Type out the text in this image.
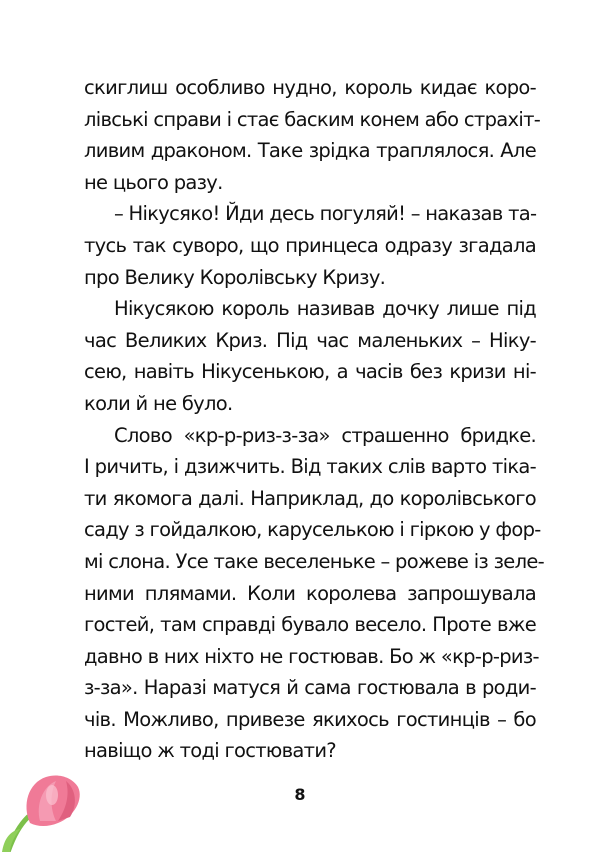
скиглиш особливо нудно, король кидає коро-
лівські справи і стає баским конем або страхіт-
ливим драконом. Таке зрідка траплялося. Але
не цього разу.
– Нікусяко! Йди десь погуляй! – наказав та-
тусь так суворо, що принцеса одразу згадала
про Велику Королівську Кризу.
Нікусякою король називав дочку лише під
час Великих Криз. Під час маленьких – Ніку-
сею, навіть Нікусенькою, а часів без кризи ні-
коли й не було.
Слово «кр-р-риз-з-за» страшенно бридке.
І ричить, і дзижчить. Від таких слів варто тіка-
ти якомога далі. Наприклад, до королівського
саду з гойдалкою, каруселькою і гіркою у фор-
мі слона. Усе таке веселеньке – рожеве із зеле-
ними плямами. Коли королева запрошувала
гостей, там справді бувало весело. Проте вже
давно в них ніхто не гостював. Бо ж «кр-р-риз-
з-за». Наразі матуся й сама гостювала в роди-
чів. Можливо, привезе якихось гостинців – бо
навіщо ж тоді гостювати?
8
